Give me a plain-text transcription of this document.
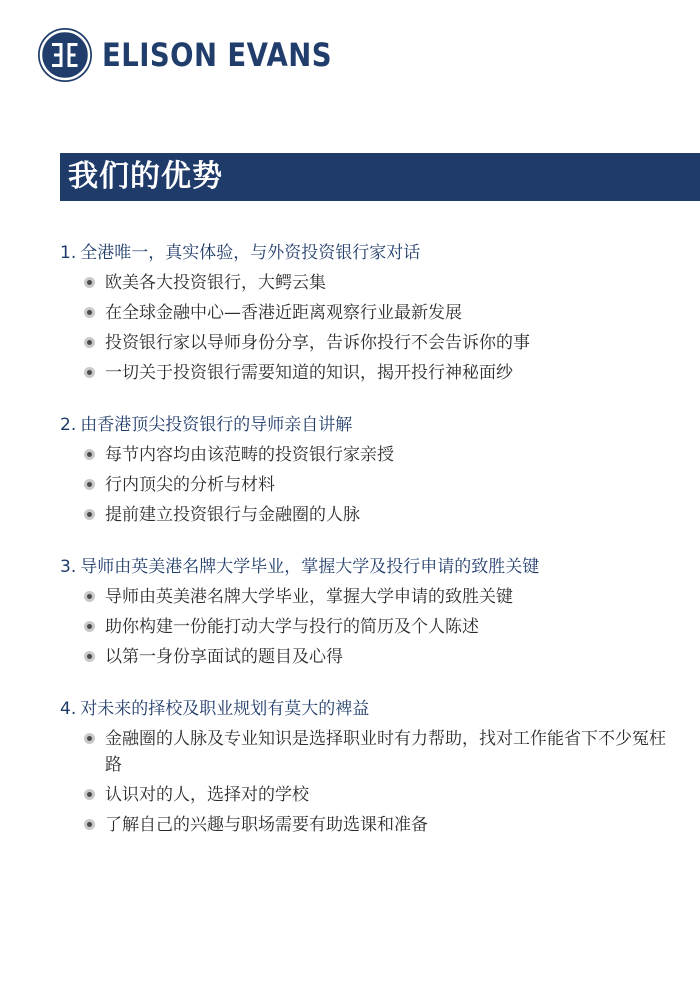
ELISON EVANS
我们的优势
1. 全港唯一，真实体验，与外资投资银行家对话
欧美各大投资银行，大鳄云集
在全球金融中心—香港近距离观察行业最新发展
投资银行家以导师身份分享，告诉你投行不会告诉你的事
一切关于投资银行需要知道的知识，揭开投行神秘面纱
2. 由香港顶尖投资银行的导师亲自讲解
每节内容均由该范畴的投资银行家亲授
行内顶尖的分析与材料
提前建立投资银行与金融圈的人脉
3. 导师由英美港名牌大学毕业，掌握大学及投行申请的致胜关键
导师由英美港名牌大学毕业，掌握大学申请的致胜关键
助你构建一份能打动大学与投行的简历及个人陈述
以第一身份享面试的题目及心得
4. 对未来的择校及职业规划有莫大的裨益
金融圈的人脉及专业知识是选择职业时有力帮助，找对工作能省下不少冤枉路
认识对的人，选择对的学校
了解自己的兴趣与职场需要有助选课和准备
